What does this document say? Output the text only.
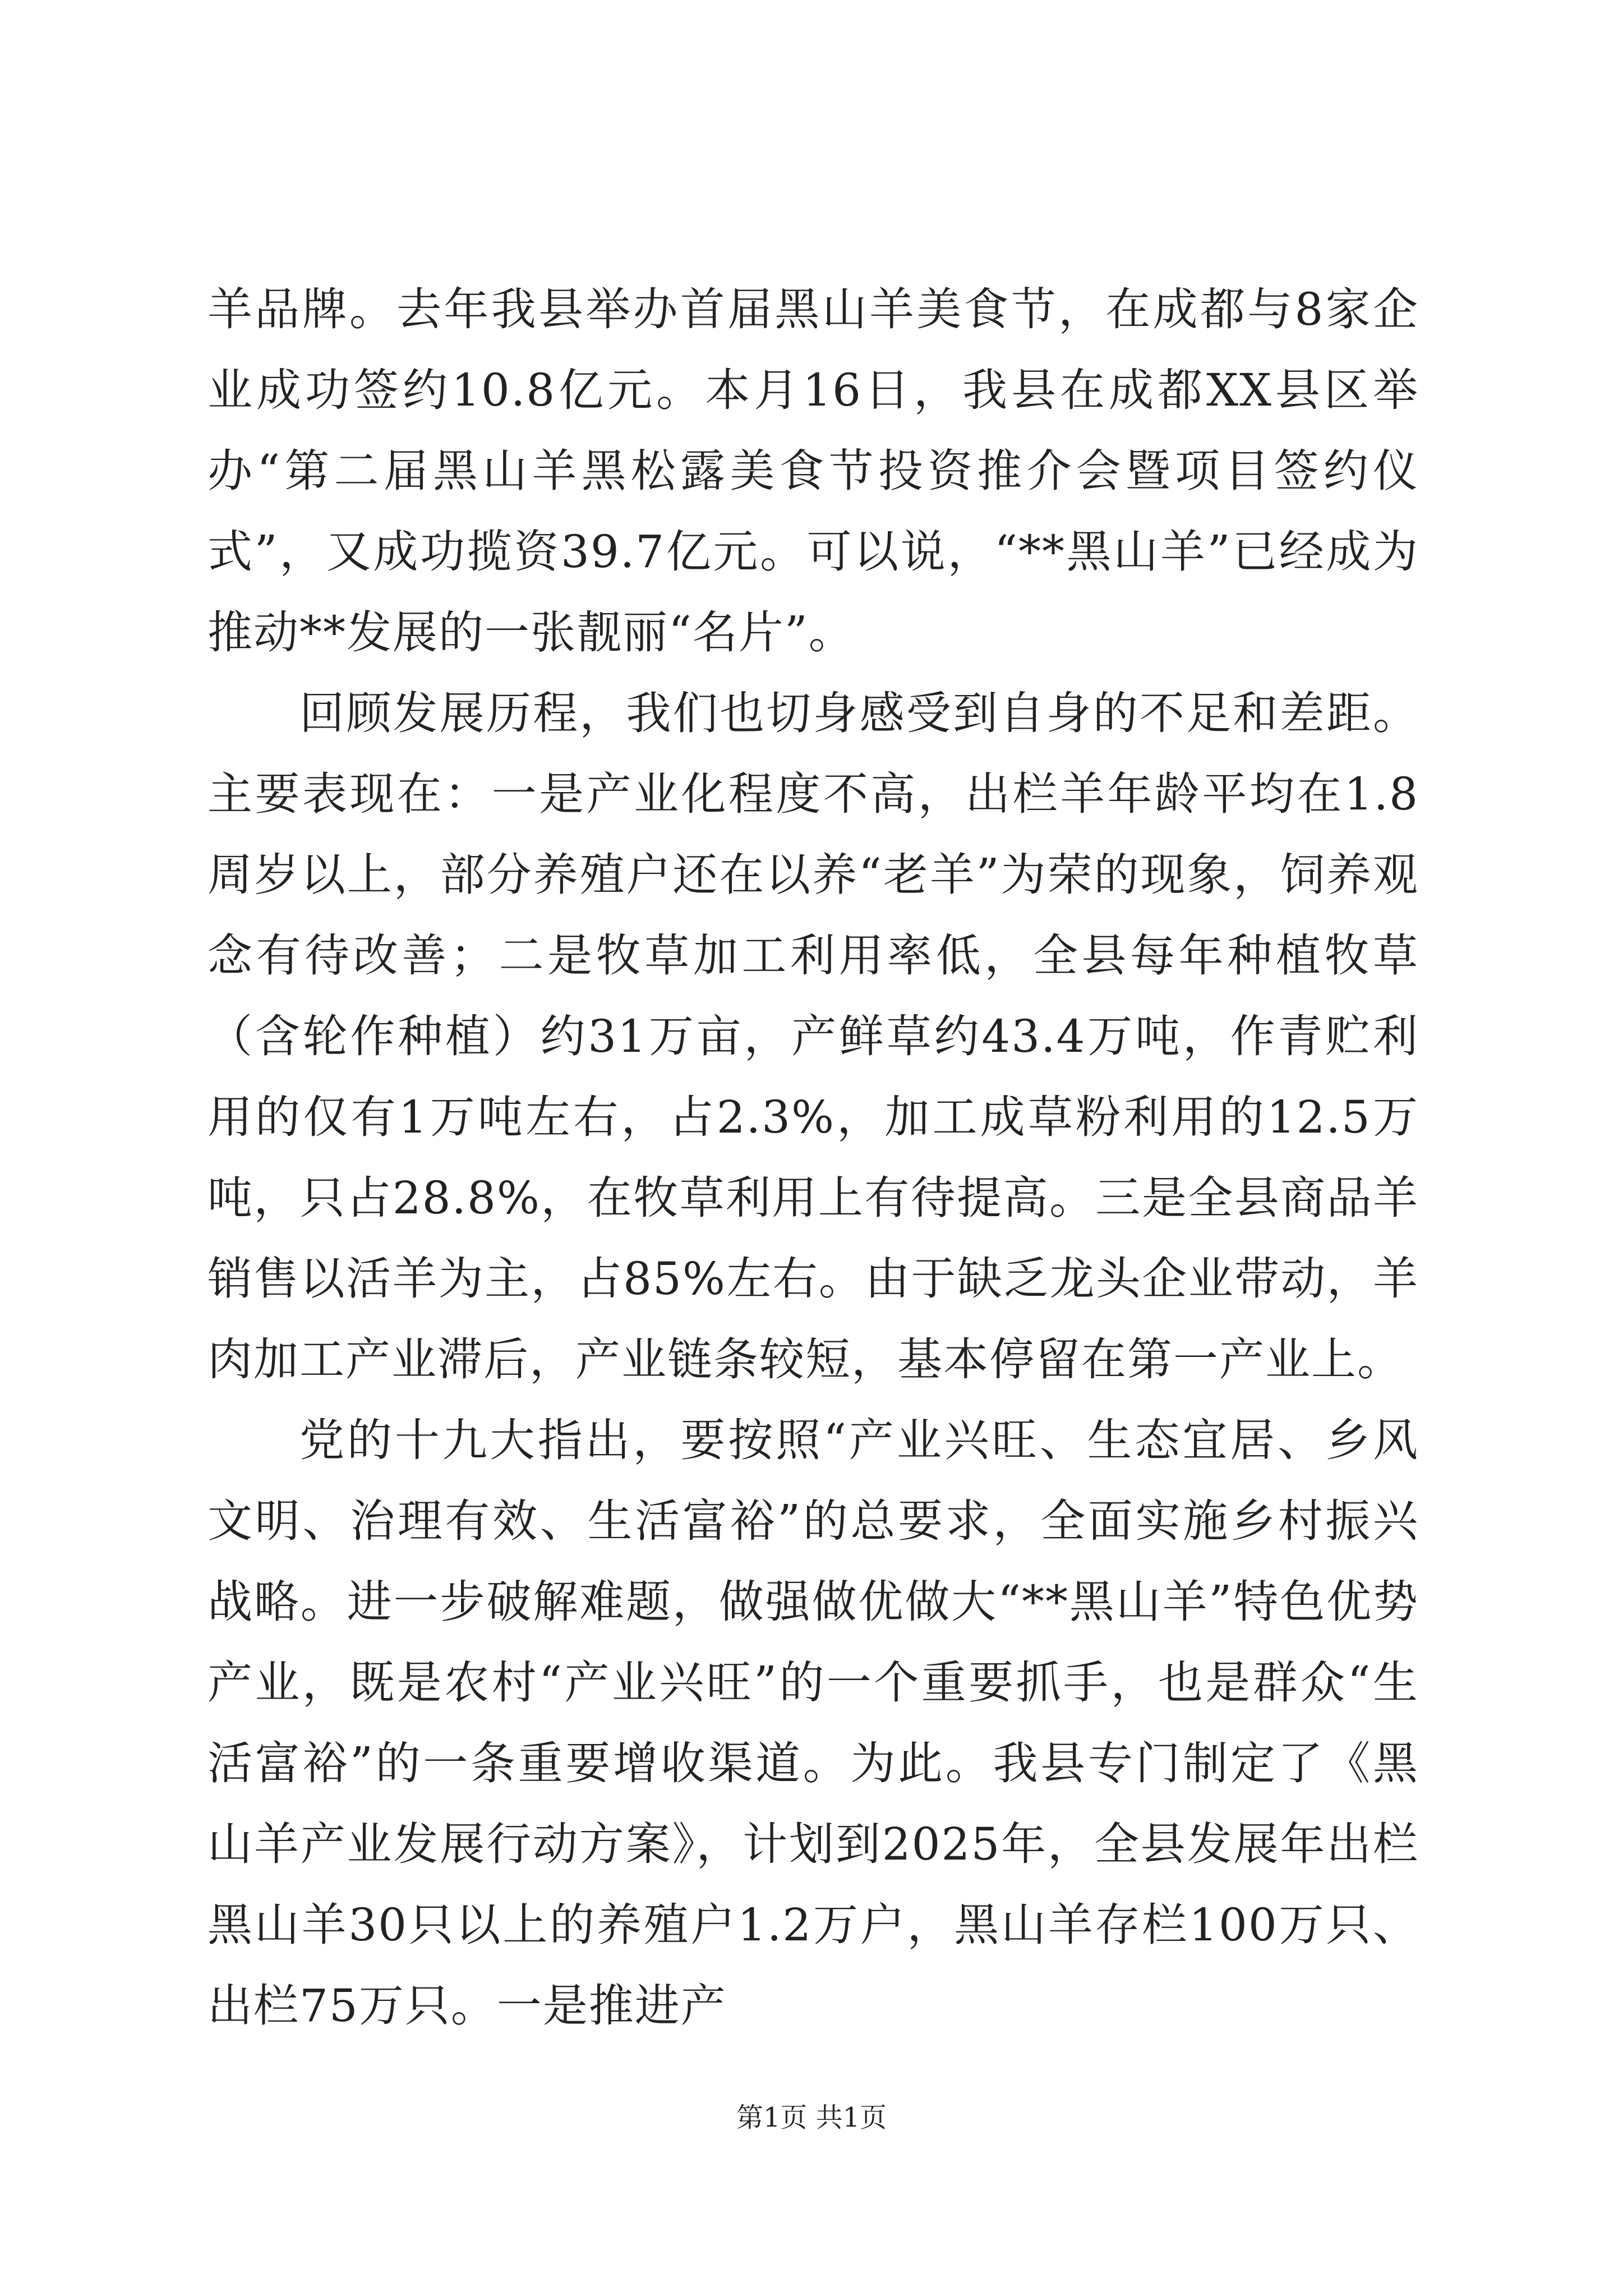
羊品牌。去年我县举办首届黑山羊美食节，在成都与8家企业成功签约10.8亿元。本月16日，我县在成都XX县区举办“第二届黑山羊黑松露美食节投资推介会暨项目签约仪式”，又成功揽资39.7亿元。可以说，“**黑山羊”已经成为推动**发展的一张靓丽“名片”。

回顾发展历程，我们也切身感受到自身的不足和差距。主要表现在：一是产业化程度不高，出栏羊年龄平均在1.8周岁以上，部分养殖户还在以养“老羊”为荣的现象，饲养观念有待改善；二是牧草加工利用率低，全县每年种植牧草（含轮作种植）约31万亩，产鲜草约43.4万吨，作青贮利用的仅有1万吨左右，占2.3%，加工成草粉利用的12.5万吨，只占28.8%，在牧草利用上有待提高。三是全县商品羊销售以活羊为主，占85%左右。由于缺乏龙头企业带动，羊肉加工产业滞后，产业链条较短，基本停留在第一产业上。

党的十九大指出，要按照“产业兴旺、生态宜居、乡风文明、治理有效、生活富裕”的总要求，全面实施乡村振兴战略。进一步破解难题，做强做优做大“**黑山羊”特色优势产业，既是农村“产业兴旺”的一个重要抓手，也是群众“生活富裕”的一条重要增收渠道。为此。我县专门制定了《黑山羊产业发展行动方案》，计划到2025年，全县发展年出栏黑山羊30只以上的养殖户1.2万户，黑山羊存栏100万只、出栏75万只。一是推进产

第1页 共1页
